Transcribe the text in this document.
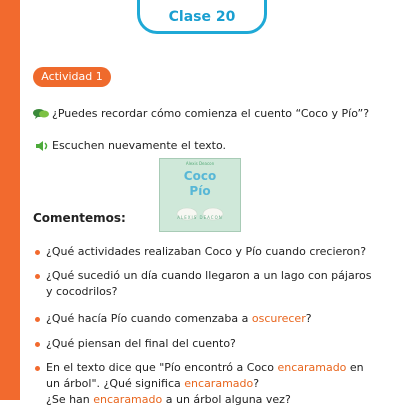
Clase 20
Actividad 1
¿Puedes recordar cómo comienza el cuento “Coco y Pío”?
Escuchen nuevamente el texto.
Alexis Deacon
Coco
Pío
ALEXIS DEACON
Comentemos:
¿Qué actividades realizaban Coco y Pío cuando crecieron?
¿Qué sucedió un día cuando llegaron a un lago con pájaros
y cocodrilos?
¿Qué hacía Pío cuando comenzaba a oscurecer?
¿Qué piensan del final del cuento?
En el texto dice que "Pío encontró a Coco encaramado en
un árbol". ¿Qué significa encaramado?
¿Se han encaramado a un árbol alguna vez?
